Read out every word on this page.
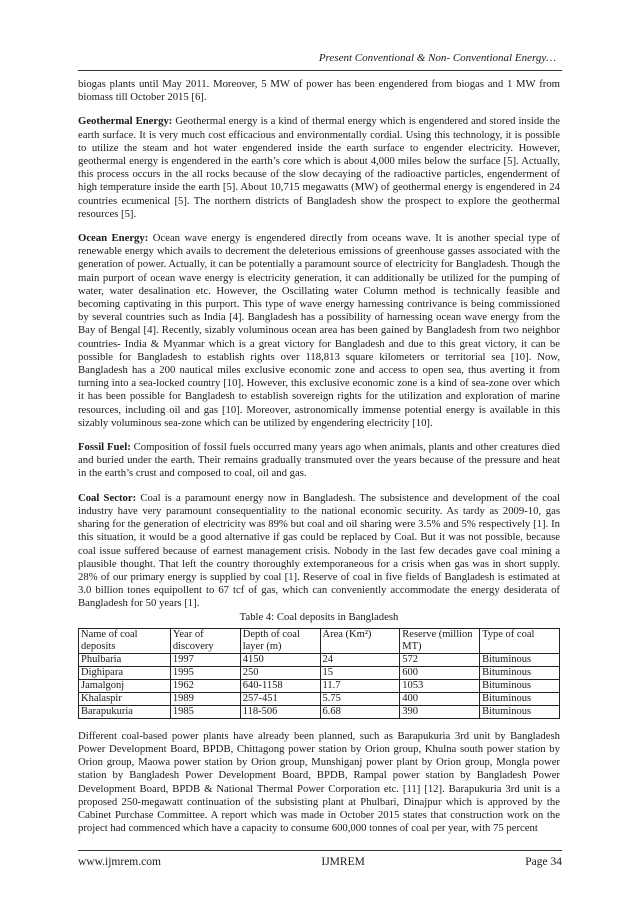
Present Conventional & Non- Conventional Energy…

biogas plants until May 2011. Moreover, 5 MW of power has been engendered from biogas and 1 MW from biomass till October 2015 [6].

Geothermal Energy: Geothermal energy is a kind of thermal energy which is engendered and stored inside the earth surface. It is very much cost efficacious and environmentally cordial. Using this technology, it is possible to utilize the steam and hot water engendered inside the earth surface to engender electricity. However, geothermal energy is engendered in the earth’s core which is about 4,000 miles below the surface [5]. Actually, this process occurs in the all rocks because of the slow decaying of the radioactive particles, engenderment of high temperature inside the earth [5]. About 10,715 megawatts (MW) of geothermal energy is engendered in 24 countries ecumenical [5]. The northern districts of Bangladesh show the prospect to explore the geothermal resources [5].

Ocean Energy: Ocean wave energy is engendered directly from oceans wave. It is another special type of renewable energy which avails to decrement the deleterious emissions of greenhouse gasses associated with the generation of power. Actually, it can be potentially a paramount source of electricity for Bangladesh. Though the main purport of ocean wave energy is electricity generation, it can additionally be utilized for the pumping of water, water desalination etc. However, the Oscillating water Column method is technically feasible and becoming captivating in this purport. This type of wave energy harnessing contrivance is being commissioned by several countries such as India [4]. Bangladesh has a possibility of harnessing ocean wave energy from the Bay of Bengal [4]. Recently, sizably voluminous ocean area has been gained by Bangladesh from two neighbor countries- India & Myanmar which is a great victory for Bangladesh and due to this great victory, it can be possible for Bangladesh to establish rights over 118,813 square kilometers or territorial sea [10]. Now, Bangladesh has a 200 nautical miles exclusive economic zone and access to open sea, thus averting it from turning into a sea-locked country [10]. However, this exclusive economic zone is a kind of sea-zone over which it has been possible for Bangladesh to establish sovereign rights for the utilization and exploration of marine resources, including oil and gas [10]. Moreover, astronomically immense potential energy is available in this sizably voluminous sea-zone which can be utilized by engendering electricity [10].

Fossil Fuel: Composition of fossil fuels occurred many years ago when animals, plants and other creatures died and buried under the earth. Their remains gradually transmuted over the years because of the pressure and heat in the earth’s crust and composed to coal, oil and gas.

Coal Sector: Coal is a paramount energy now in Bangladesh. The subsistence and development of the coal industry have very paramount consequentiality to the national economic security. As tardy as 2009-10, gas sharing for the generation of electricity was 89% but coal and oil sharing were 3.5% and 5% respectively [1]. In this situation, it would be a good alternative if gas could be replaced by Coal. But it was not possible, because coal issue suffered because of earnest management crisis. Nobody in the last few decades gave coal mining a plausible thought. That left the country thoroughly extemporaneous for a crisis when gas was in short supply. 28% of our primary energy is supplied by coal [1]. Reserve of coal in five fields of Bangladesh is estimated at 3.0 billion tones equipollent to 67 tcf of gas, which can conveniently accommodate the energy desiderata of Bangladesh for 50 years [1].

Table 4: Coal deposits in Bangladesh
Name of coal deposits	Year of discovery	Depth of coal layer (m)	Area (Km²)	Reserve (million MT)	Type of coal
Phulbaria	1997	4150	24	572	Bituminous
Dighipara	1995	250	15	600	Bituminous
Jamalgonj	1962	640-1158	11.7	1053	Bituminous
Khalaspir	1989	257-451	5.75	400	Bituminous
Barapukuria	1985	118-506	6.68	390	Bituminous

Different coal-based power plants have already been planned, such as Barapukuria 3rd unit by Bangladesh Power Development Board, BPDB, Chittagong power station by Orion group, Khulna south power station by Orion group, Maowa power station by Orion group, Munshiganj power plant by Orion group, Mongla power station by Bangladesh Power Development Board, BPDB, Rampal power station by Bangladesh Power Development Board, BPDB & National Thermal Power Corporation etc. [11] [12]. Barapukuria 3rd unit is a proposed 250-megawatt continuation of the subsisting plant at Phulbari, Dinajpur which is approved by the Cabinet Purchase Committee. A report which was made in October 2015 states that construction work on the project had commenced which have a capacity to consume 600,000 tonnes of coal per year, with 75 percent

www.ijmrem.com	IJMREM	Page 34
